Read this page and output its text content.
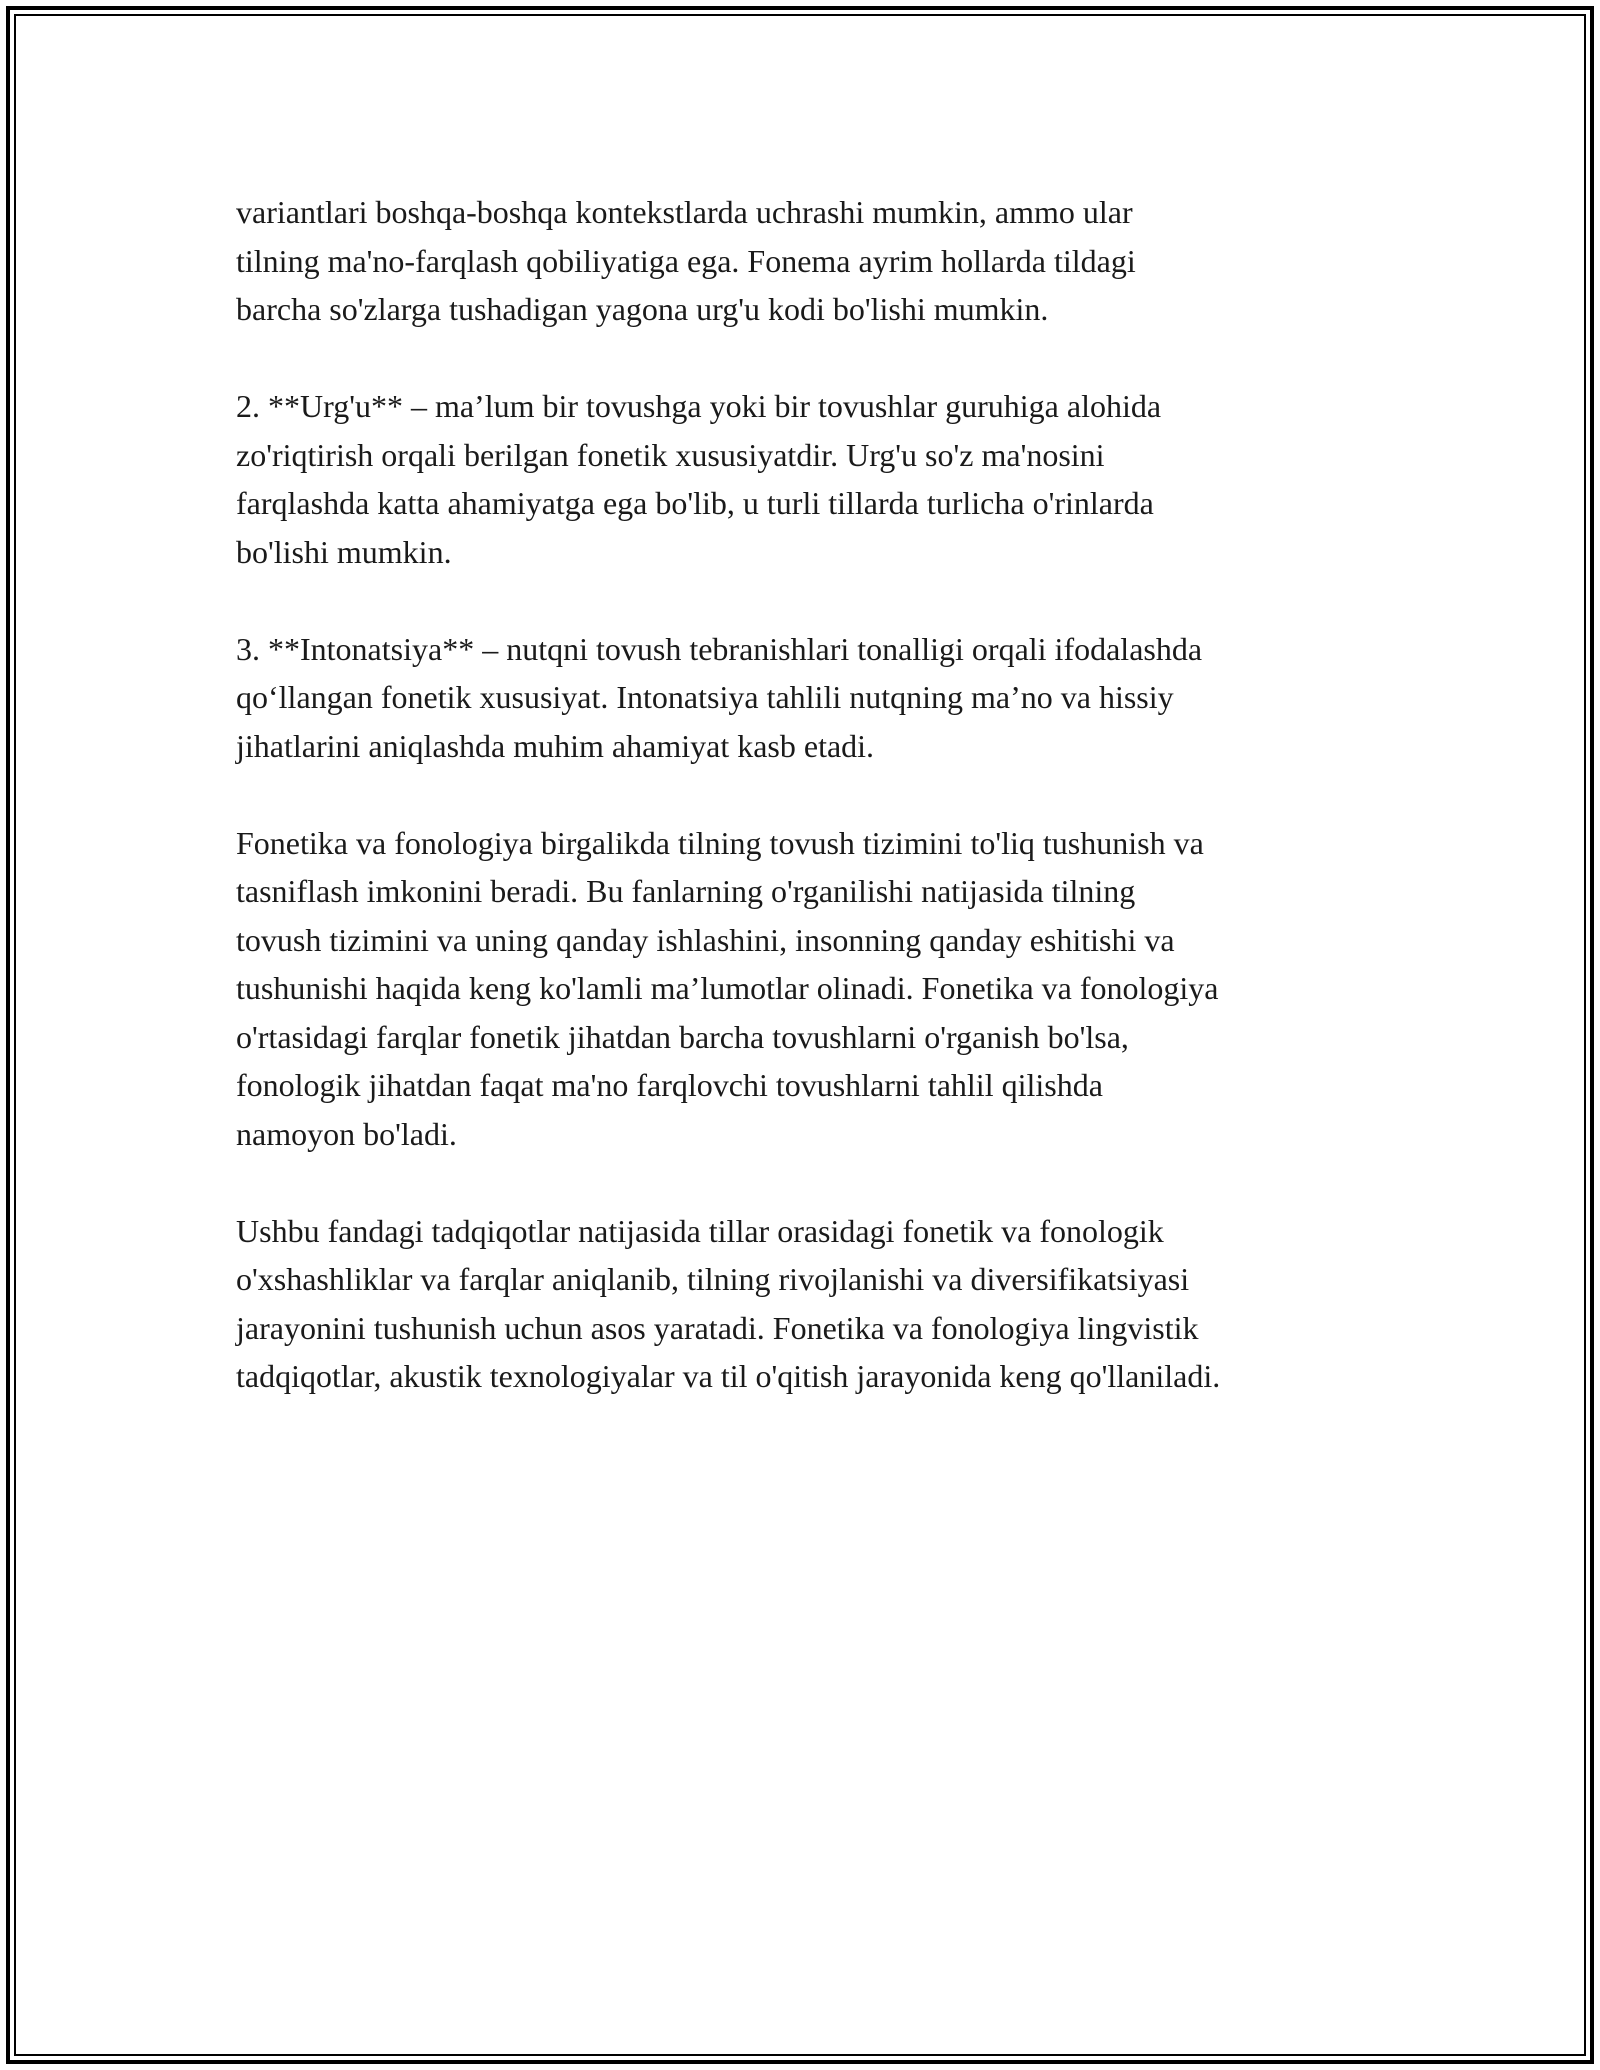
variantlari boshqa-boshqa kontekstlarda uchrashi mumkin, ammo ular
tilning ma'no-farqlash qobiliyatiga ega. Fonema ayrim hollarda tildagi
barcha so'zlarga tushadigan yagona urg'u kodi bo'lishi mumkin.

2. **Urg'u** – ma’lum bir tovushga yoki bir tovushlar guruhiga alohida
zo'riqtirish orqali berilgan fonetik xususiyatdir. Urg'u so'z ma'nosini
farqlashda katta ahamiyatga ega bo'lib, u turli tillarda turlicha o'rinlarda
bo'lishi mumkin.

3. **Intonatsiya** – nutqni tovush tebranishlari tonalligi orqali ifodalashda
qo‘llangan fonetik xususiyat. Intonatsiya tahlili nutqning ma’no va hissiy
jihatlarini aniqlashda muhim ahamiyat kasb etadi.

Fonetika va fonologiya birgalikda tilning tovush tizimini to'liq tushunish va
tasniflash imkonini beradi. Bu fanlarning o'rganilishi natijasida tilning
tovush tizimini va uning qanday ishlashini, insonning qanday eshitishi va
tushunishi haqida keng ko'lamli ma’lumotlar olinadi. Fonetika va fonologiya
o'rtasidagi farqlar fonetik jihatdan barcha tovushlarni o'rganish bo'lsa,
fonologik jihatdan faqat ma'no farqlovchi tovushlarni tahlil qilishda
namoyon bo'ladi.

Ushbu fandagi tadqiqotlar natijasida tillar orasidagi fonetik va fonologik
o'xshashliklar va farqlar aniqlanib, tilning rivojlanishi va diversifikatsiyasi
jarayonini tushunish uchun asos yaratadi. Fonetika va fonologiya lingvistik
tadqiqotlar, akustik texnologiyalar va til o'qitish jarayonida keng qo'llaniladi.
